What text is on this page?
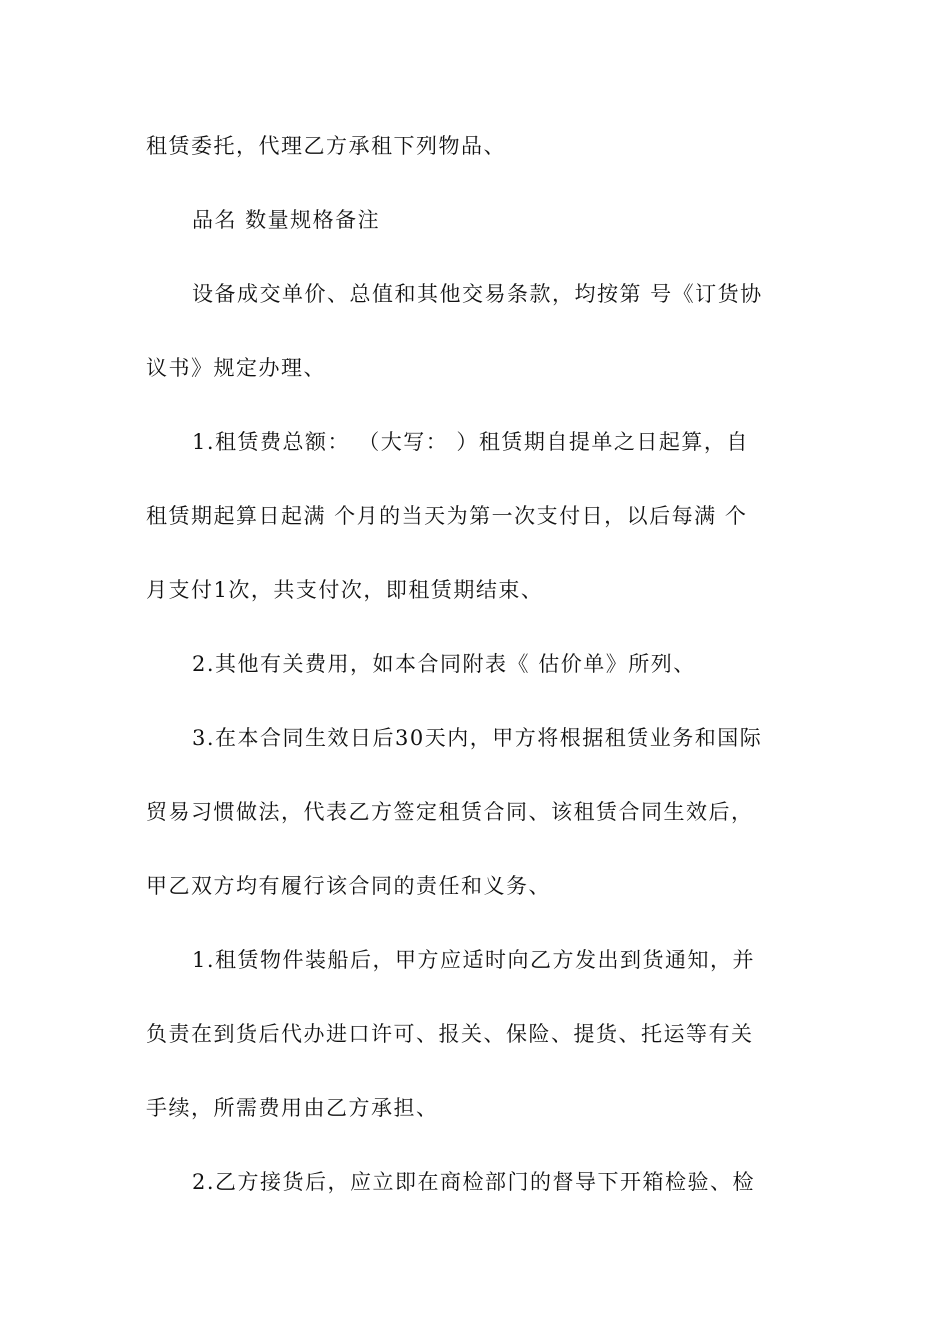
租赁委托，代理乙方承租下列物品、
品名 数量规格备注
设备成交单价、总值和其他交易条款，均按第 号《订货协
议书》规定办理、
1.租赁费总额： （大写： ）租赁期自提单之日起算，自
租赁期起算日起满 个月的当天为第一次支付日，以后每满 个
月支付1次，共支付次，即租赁期结束、
2.其他有关费用，如本合同附表《 估价单》所列、
3.在本合同生效日后30天内，甲方将根据租赁业务和国际
贸易习惯做法，代表乙方签定租赁合同、该租赁合同生效后，
甲乙双方均有履行该合同的责任和义务、
1.租赁物件装船后，甲方应适时向乙方发出到货通知，并
负责在到货后代办进口许可、报关、保险、提货、托运等有关
手续，所需费用由乙方承担、
2.乙方接货后，应立即在商检部门的督导下开箱检验、检
